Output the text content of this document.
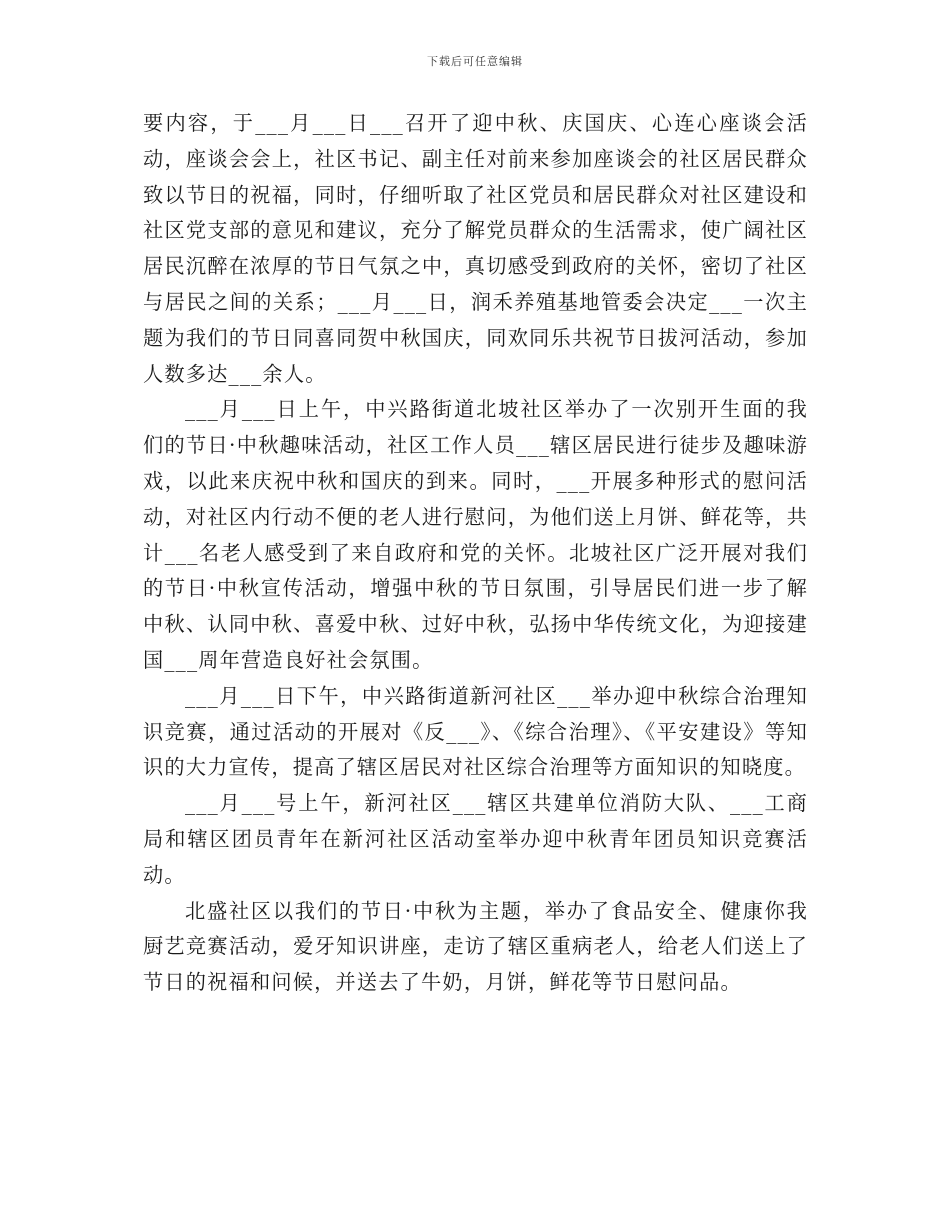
下载后可任意编辑

要内容，于___月___日___召开了迎中秋、庆国庆、心连心座谈会活动，座谈会会上，社区书记、副主任对前来参加座谈会的社区居民群众致以节日的祝福，同时，仔细听取了社区党员和居民群众对社区建设和社区党支部的意见和建议，充分了解党员群众的生活需求，使广阔社区居民沉醉在浓厚的节日气氛之中，真切感受到政府的关怀，密切了社区与居民之间的关系；___月___日，润禾养殖基地管委会决定___一次主题为我们的节日同喜同贺中秋国庆，同欢同乐共祝节日拔河活动，参加人数多达___余人。

___月___日上午，中兴路街道北坡社区举办了一次别开生面的我们的节日·中秋趣味活动，社区工作人员___辖区居民进行徒步及趣味游戏，以此来庆祝中秋和国庆的到来。同时，___开展多种形式的慰问活动，对社区内行动不便的老人进行慰问，为他们送上月饼、鲜花等，共计___名老人感受到了来自政府和党的关怀。北坡社区广泛开展对我们的节日·中秋宣传活动，增强中秋的节日氛围，引导居民们进一步了解中秋、认同中秋、喜爱中秋、过好中秋，弘扬中华传统文化，为迎接建国___周年营造良好社会氛围。

___月___日下午，中兴路街道新河社区___举办迎中秋综合治理知识竞赛，通过活动的开展对《反___》、《综合治理》、《平安建设》等知识的大力宣传，提高了辖区居民对社区综合治理等方面知识的知晓度。

___月___号上午，新河社区___辖区共建单位消防大队、___工商局和辖区团员青年在新河社区活动室举办迎中秋青年团员知识竞赛活动。

北盛社区以我们的节日·中秋为主题，举办了食品安全、健康你我厨艺竞赛活动，爱牙知识讲座，走访了辖区重病老人，给老人们送上了节日的祝福和问候，并送去了牛奶，月饼，鲜花等节日慰问品。
